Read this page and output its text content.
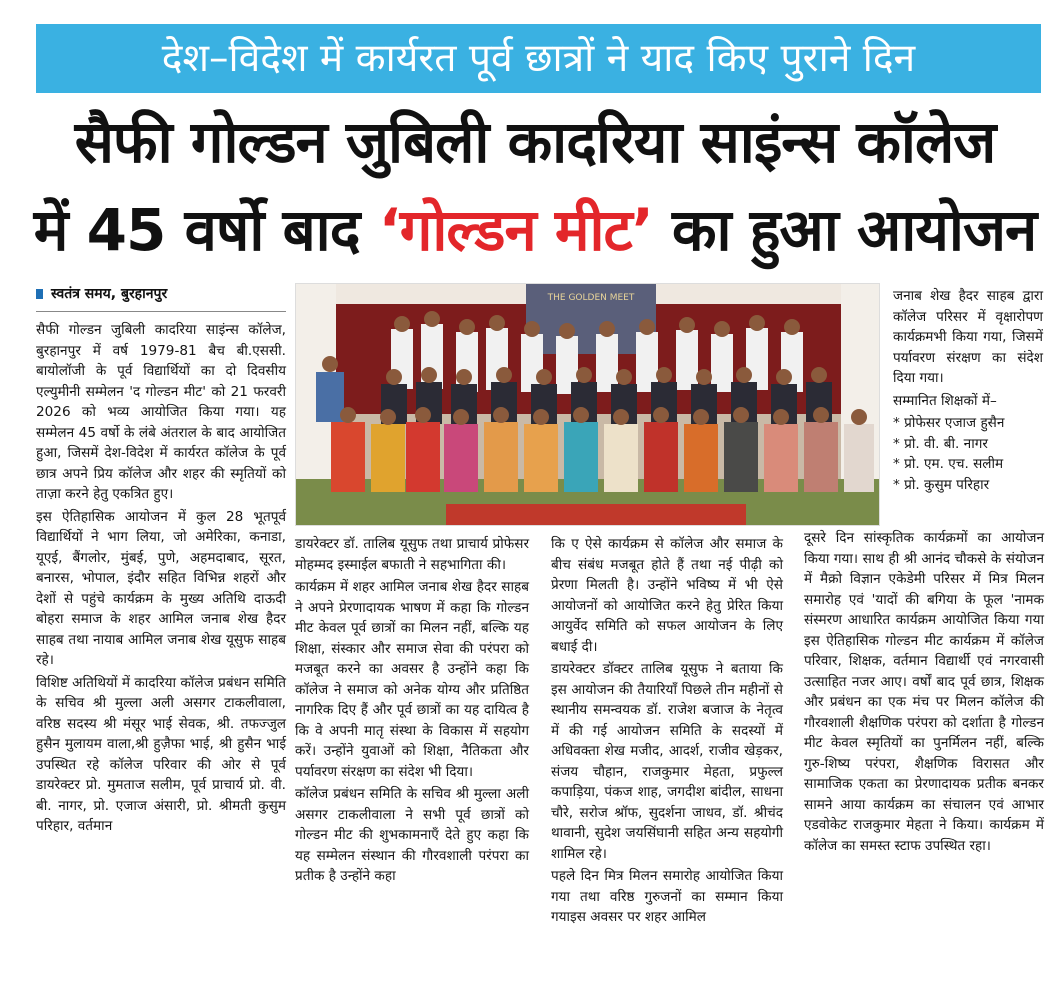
देश–विदेश में कार्यरत पूर्व छात्रों ने याद किए पुराने दिन
सैफी गोल्डन जुबिली कादरिया साइंन्स कॉलेज
में 45 वर्षो बाद ‘गोल्डन मीट’ का हुआ आयोजन
स्वतंत्र समय, बुरहानपुर

सैफी गोल्डन जुबिली कादरिया साइंन्स कॉलेज, बुरहानपुर में वर्ष 1979-81 बैच बी.एससी. बायोलॉजी के पूर्व विद्यार्थियों का दो दिवसीय एल्युमीनी सम्मेलन 'द गोल्डन मीट' को 21 फरवरी 2026 को भव्य आयोजित किया गया। यह सम्मेलन 45 वर्षो के लंबे अंतराल के बाद आयोजित हुआ, जिसमें देश-विदेश में कार्यरत कॉलेज के पूर्व छात्र अपने प्रिय कॉलेज और शहर की स्मृतियों को ताज़ा करने हेतु एकत्रित हुए।

इस ऐतिहासिक आयोजन में कुल 28 भूतपूर्व विद्यार्थियों ने भाग लिया, जो अमेरिका, कनाडा, यूएई, बैंगलोर, मुंबई, पुणे, अहमदाबाद, सूरत, बनारस, भोपाल, इंदौर सहित विभिन्न शहरों और देशों से पहुंचे कार्यक्रम के मुख्य अतिथि दाऊदी बोहरा समाज के शहर आमिल जनाब शेख हैदर साहब तथा नायाब आमिल जनाब शेख यूसुफ साहब रहे।

विशिष्ट अतिथियों में कादरिया कॉलेज प्रबंधन समिति के सचिव श्री मुल्ला अली असगर टाकलीवाला, वरिष्ठ सदस्य श्री मंसूर भाई सेवक, श्री. तफज्जुल हुसैन मुलायम वाला,श्री हुज़ैफा भाई, श्री हुसैन भाई उपस्थित रहे कॉलेज परिवार की ओर से पूर्व डायरेक्टर प्रो. मुमताज सलीम, पूर्व प्राचार्य प्रो. वी. बी. नागर, प्रो. एजाज अंसारी, प्रो. श्रीमती कुसुम परिहार, वर्तमान

THE GOLDEN MEET	जनाब शेख हैदर साहब द्वारा कॉलेज परिसर में वृक्षारोपण कार्यक्रमभी किया गया, जिसमें पर्यावरण संरक्षण का संदेश दिया गया।

सम्मानित शिक्षकों में–

* प्रोफेसर एजाज हुसैन
* प्रो. वी. बी. नागर
* प्रो. एम. एच. सलीम
* प्रो. कुसुम परिहार

डायरेक्टर डॉ. तालिब यूसुफ तथा प्राचार्य प्रोफेसर मोहम्मद इस्माईल बफाती ने सहभागिता की।

कार्यक्रम में शहर आमिल जनाब शेख हैदर साहब ने अपने प्रेरणादायक भाषण में कहा कि गोल्डन मीट केवल पूर्व छात्रों का मिलन नहीं, बल्कि यह शिक्षा, संस्कार और समाज सेवा की परंपरा को मजबूत करने का अवसर है उन्होंने कहा कि कॉलेज ने समाज को अनेक योग्य और प्रतिष्ठित नागरिक दिए हैं और पूर्व छात्रों का यह दायित्व है कि वे अपनी मातृ संस्था के विकास में सहयोग करें। उन्होंने युवाओं को शिक्षा, नैतिकता और पर्यावरण संरक्षण का संदेश भी दिया।

कॉलेज प्रबंधन समिति के सचिव श्री मुल्ला अली असगर टाकलीवाला ने सभी पूर्व छात्रों को गोल्डन मीट की शुभकामनाएँ देते हुए कहा कि यह सम्मेलन संस्थान की गौरवशाली परंपरा का प्रतीक है उन्होंने कहा

कि ए ऐसे कार्यक्रम से कॉलेज और समाज के बीच संबंध मजबूत होते हैं तथा नई पीढ़ी को प्रेरणा मिलती है। उन्होंने भविष्य में भी ऐसे आयोजनों को आयोजित करने हेतु प्रेरित किया आयुर्वेद समिति को सफल आयोजन के लिए बधाई दी।

डायरेक्टर डॉक्टर तालिब यूसुफ ने बताया कि इस आयोजन की तैयारियाँ पिछले तीन महीनों से स्थानीय समन्वयक डॉ. राजेश बजाज के नेतृत्व में की गई आयोजन समिति के सदस्यों में अधिवक्ता शेख मजीद, आदर्श, राजीव खेड़कर, संजय चौहान, राजकुमार मेहता, प्रफुल्ल कपाड़िया, पंकज शाह, जगदीश बांदील, साधना चौरे, सरोज श्रॉफ, सुदर्शना जाधव, डॉ. श्रीचंद थावानी, सुदेश जयसिंघानी सहित अन्य सहयोगी शामिल रहे।

पहले दिन मित्र मिलन समारोह आयोजित किया गया तथा वरिष्ठ गुरुजनों का सम्मान किया गयाइस अवसर पर शहर आमिल

दूसरे दिन सांस्कृतिक कार्यक्रमों का आयोजन किया गया। साथ ही श्री आनंद चौकसे के संयोजन में मैक्रो विज्ञान एकेडेमी परिसर में मित्र मिलन समारोह एवं 'यादों की बगिया के फूल 'नामक संस्मरण आधारित कार्यक्रम आयोजित किया गया इस ऐतिहासिक गोल्डन मीट कार्यक्रम में कॉलेज परिवार, शिक्षक, वर्तमान विद्यार्थी एवं नगरवासी उत्साहित नजर आए। वर्षों बाद पूर्व छात्र, शिक्षक और प्रबंधन का एक मंच पर मिलन कॉलेज की गौरवशाली शैक्षणिक परंपरा को दर्शाता है गोल्डन मीट केवल स्मृतियों का पुनर्मिलन नहीं, बल्कि गुरु-शिष्य परंपरा, शैक्षणिक विरासत और सामाजिक एकता का प्रेरणादायक प्रतीक बनकर सामने आया कार्यक्रम का संचालन एवं आभार एडवोकेट राजकुमार मेहता ने किया। कार्यक्रम में कॉलेज का समस्त स्टाफ उपस्थित रहा।
